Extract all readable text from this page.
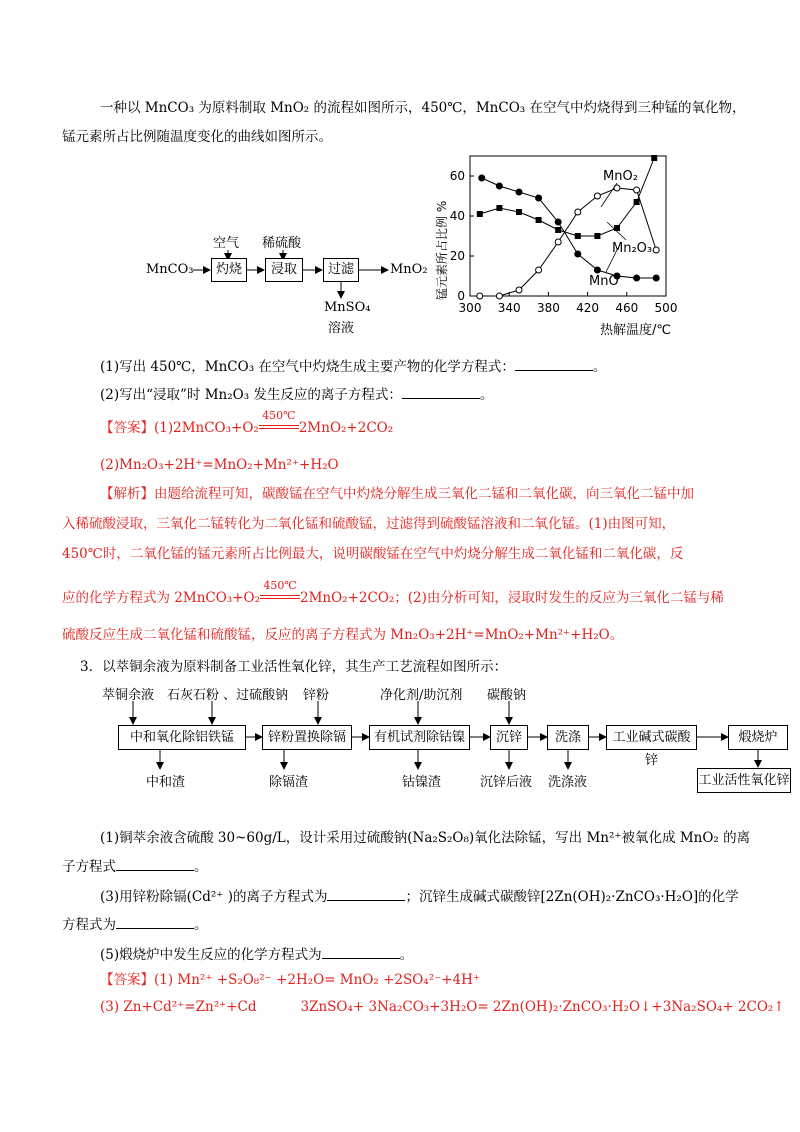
一种以 MnCO₃ 为原料制取 MnO₂ 的流程如图所示，450℃，MnCO₃ 在空气中灼烧得到三种锰的氧化物，
锰元素所占比例随温度变化的曲线如图所示。
MnCO₃	灼烧	浸取	过滤
空气 稀硫酸
MnO₂
MnSO₄
溶液
300 340 380 420 460 500
0
20
40
60
热解温度/℃
锰元素所占比例 %
MnO₂
Mn₂O₃
MnO
(1)写出 450℃，MnCO₃ 在空气中灼烧生成主要产物的化学方程式：	。
(2)写出“浸取”时 Mn₂O₃ 发生反应的离子方程式：	。
【答案】(1)2MnCO₃+O₂
450℃
2MnO₂+2CO₂
(2)Mn₂O₃+2H⁺=MnO₂+Mn²⁺+H₂O
【解析】由题给流程可知，碳酸锰在空气中灼烧分解生成三氧化二锰和二氧化碳，向三氧化二锰中加
入稀硫酸浸取，三氧化二锰转化为二氧化锰和硫酸锰，过滤得到硫酸锰溶液和二氧化锰。(1)由图可知，
450℃时，二氧化锰的锰元素所占比例最大，说明碳酸锰在空气中灼烧分解生成二氧化锰和二氧化碳，反
应的化学方程式为 2MnCO₃+O₂
450℃
2MnO₂+2CO₂；(2)由分析可知，浸取时发生的反应为三氧化二锰与稀
硫酸反应生成二氧化锰和硫酸锰，反应的离子方程式为 Mn₂O₃+2H⁺=MnO₂+Mn²⁺+H₂O。
3．以萃铜余液为原料制备工业活性氧化锌，其生产工艺流程如图所示：
萃铜余液 石灰石粉 、过硫酸钠 锌粉	净化剂/助沉剂 碳酸钠
中和氧化除铝铁锰	锌粉置换除镉	有机试剂除钴镍	沉锌	洗涤	工业碱式碳酸锌
煅烧炉
工业活性氧化锌
中和渣	除镉渣	钴镍渣	沉锌后液 洗涤液
(1)铜萃余液含硫酸 30~60g/L，设计采用过硫酸钠(Na₂S₂O₈)氧化法除锰，写出 Mn²⁺被氧化成 MnO₂ 的离
子方程式	。
(3)用锌粉除镉(Cd²⁺ )的离子方程式为	；沉锌生成碱式碳酸锌[2Zn(OH)₂·ZnCO₃·H₂O]的化学
方程式为	。
(5)煅烧炉中发生反应的化学方程式为	。
【答案】(1) Mn²⁺ +S₂O₈²⁻ +2H₂O= MnO₂ +2SO₄²⁻+4H⁺
(3) Zn+Cd²⁺=Zn²⁺+Cd	3ZnSO₄+ 3Na₂CO₃+3H₂O= 2Zn(OH)₂·ZnCO₃·H₂O↓+3Na₂SO₄+ 2CO₂↑
